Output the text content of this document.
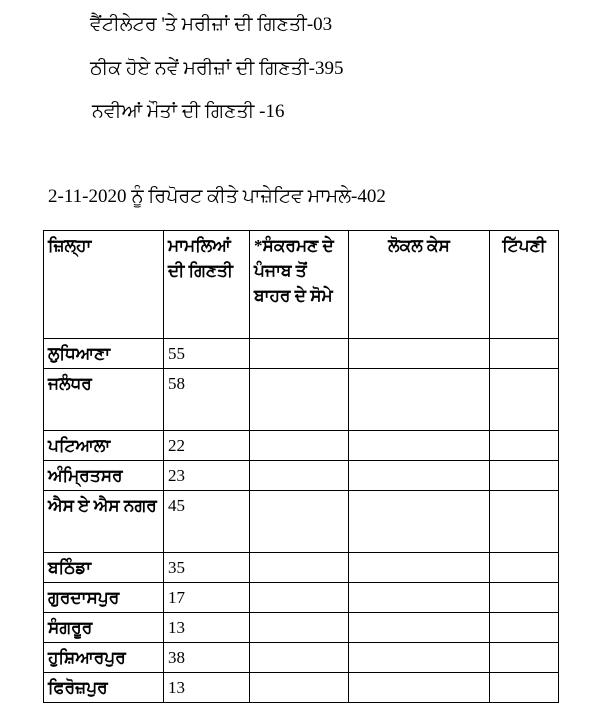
ਵੈਂਟੀਲੇਟਰ 'ਤੇ ਮਰੀਜ਼ਾਂ ਦੀ ਗਿਣਤੀ-03
ਠੀਕ ਹੋਏ ਨਵੇਂ ਮਰੀਜ਼ਾਂ ਦੀ ਗਿਣਤੀ-395
ਨਵੀਆਂ ਮੌਤਾਂ ਦੀ ਗਿਣਤੀ -16
2-11-2020 ਨੂੰ ਰਿਪੋਰਟ ਕੀਤੇ ਪਾਜ਼ੇਟਿਵ ਮਾਮਲੇ-402
ਜ਼ਿਲ੍ਹਾ	ਮਾਮਲਿਆਂ ਦੀ ਗਿਣਤੀ	*ਸੰਕਰਮਣ ਦੇ ਪੰਜਾਬ ਤੋਂ ਬਾਹਰ ਦੇ ਸੋਮੇ	ਲੋਕਲ ਕੇਸ	ਟਿੱਪਣੀ
ਲੁਧਿਆਣਾ	55			
ਜਲੰਧਰ	58			
ਪਟਿਆਲਾ	22			
ਅੰਮ੍ਰਿਤਸਰ	23			
ਐਸ ਏ ਐਸ ਨਗਰ	45			
ਬਠਿੰਡਾ	35			
ਗੁਰਦਾਸਪੁਰ	17			
ਸੰਗਰੂਰ	13			
ਹੁਸ਼ਿਆਰਪੁਰ	38			
ਫਿਰੋਜ਼ਪੁਰ	13			
